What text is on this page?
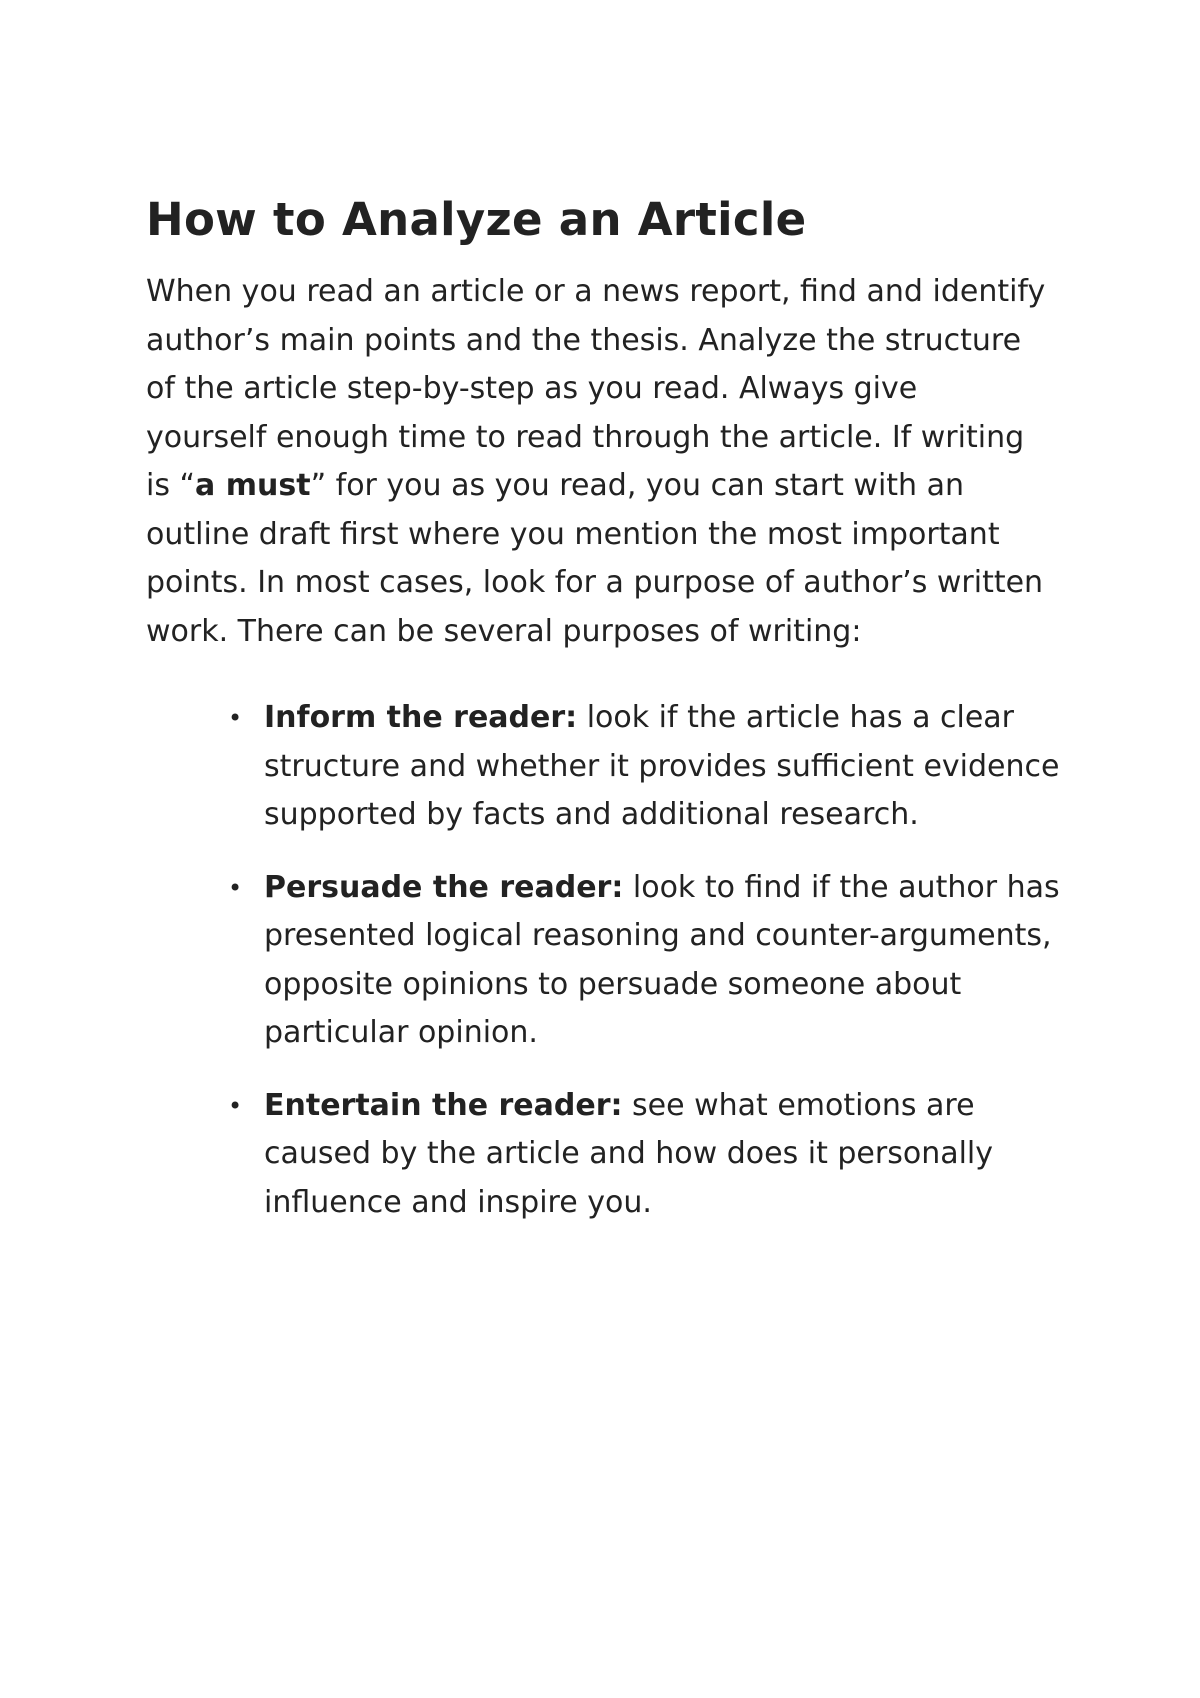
How to Analyze an Article

When you read an article or a news report, find and identify author’s main points and the thesis. Analyze the structure of the article step-by-step as you read. Always give yourself enough time to read through the article. If writing is “a must” for you as you read, you can start with an outline draft first where you mention the most important points. In most cases, look for a purpose of author’s written work. There can be several purposes of writing:

• Inform the reader: look if the article has a clear structure and whether it provides sufficient evidence supported by facts and additional research.
• Persuade the reader: look to find if the author has presented logical reasoning and counter-arguments, opposite opinions to persuade someone about particular opinion.
• Entertain the reader: see what emotions are caused by the article and how does it personally influence and inspire you.
